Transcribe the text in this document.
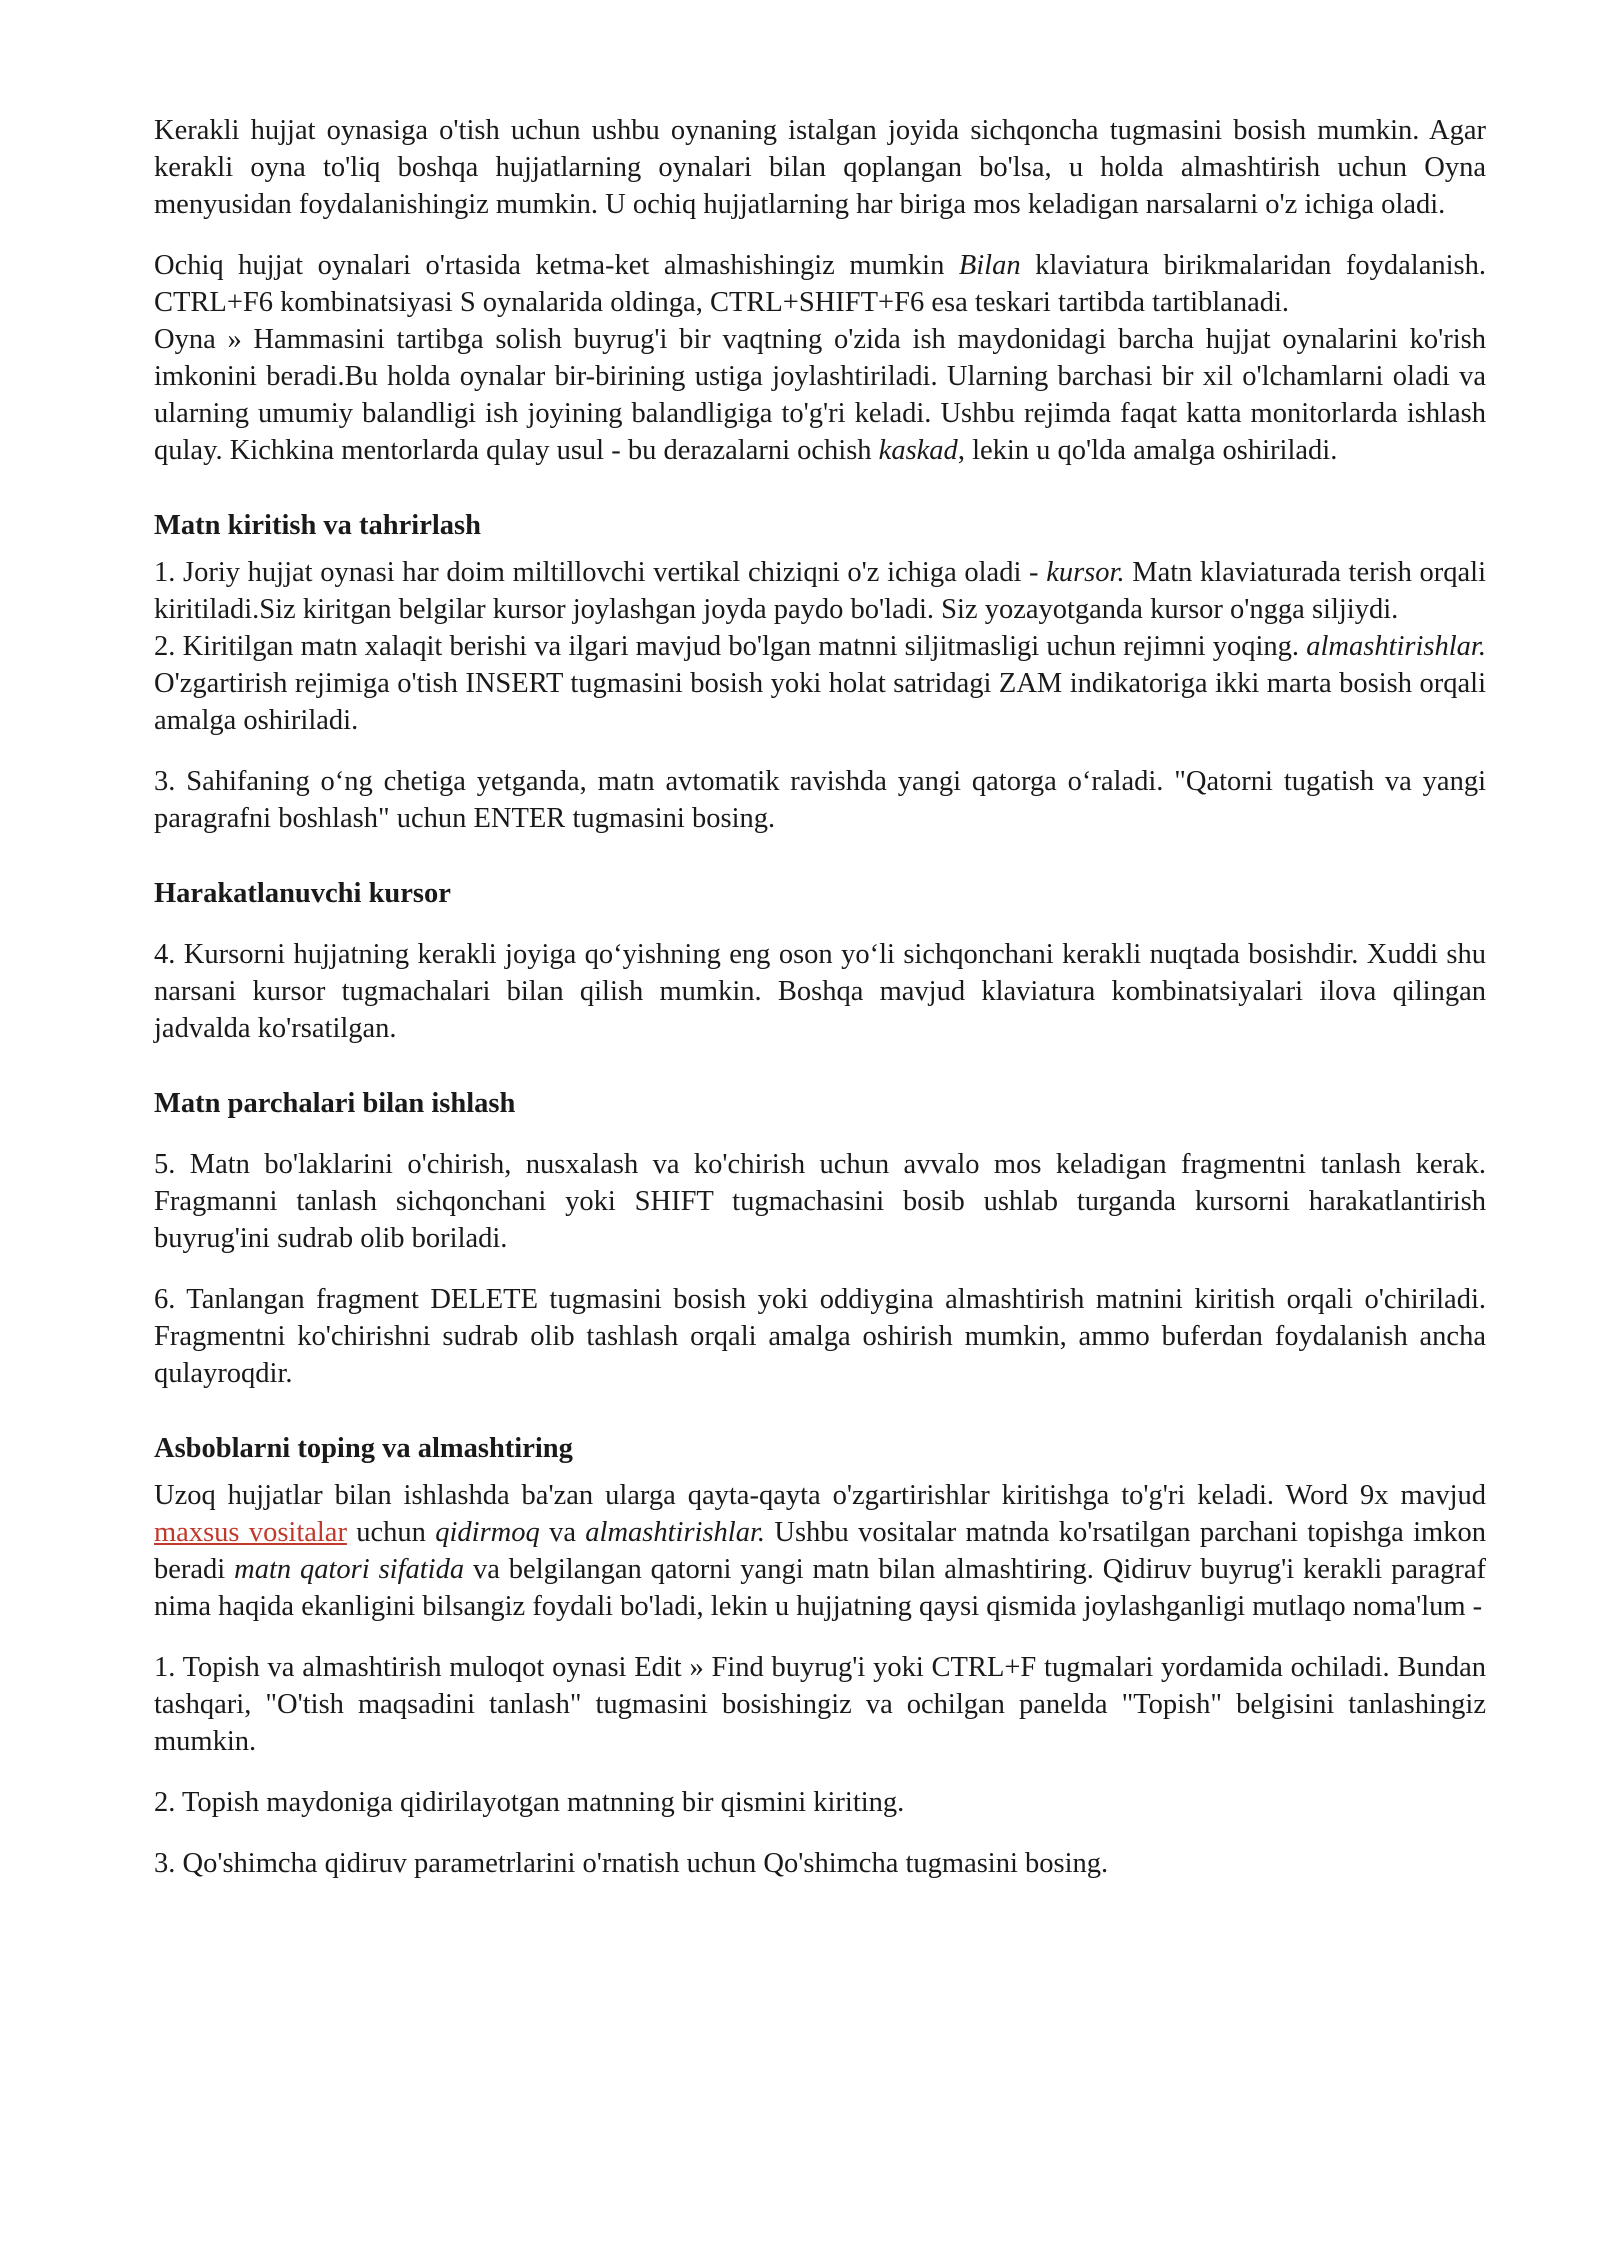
Kerakli hujjat oynasiga o'tish uchun ushbu oynaning istalgan joyida sichqoncha tugmasini bosish mumkin. Agar kerakli oyna to'liq boshqa hujjatlarning oynalari bilan qoplangan bo'lsa, u holda almashtirish uchun Oyna menyusidan foydalanishingiz mumkin. U ochiq hujjatlarning har biriga mos keladigan narsalarni o'z ichiga oladi.

Ochiq hujjat oynalari o'rtasida ketma-ket almashishingiz mumkin Bilan klaviatura birikmalaridan foydalanish. CTRL+F6 kombinatsiyasi S oynalarida oldinga, CTRL+SHIFT+F6 esa teskari tartibda tartiblanadi.

Oyna » Hammasini tartibga solish buyrug'i bir vaqtning o'zida ish maydonidagi barcha hujjat oynalarini ko'rish imkonini beradi.Bu holda oynalar bir-birining ustiga joylashtiriladi. Ularning barchasi bir xil o'lchamlarni oladi va ularning umumiy balandligi ish joyining balandligiga to'g'ri keladi. Ushbu rejimda faqat katta monitorlarda ishlash qulay. Kichkina mentorlarda qulay usul - bu derazalarni ochish kaskad, lekin u qo'lda amalga oshiriladi.

Matn kiritish va tahrirlash

1. Joriy hujjat oynasi har doim miltillovchi vertikal chiziqni o'z ichiga oladi - kursor. Matn klaviaturada terish orqali kiritiladi.Siz kiritgan belgilar kursor joylashgan joyda paydo bo'ladi. Siz yozayotganda kursor o'ngga siljiydi.

2. Kiritilgan matn xalaqit berishi va ilgari mavjud bo'lgan matnni siljitmasligi uchun rejimni yoqing. almashtirishlar. O'zgartirish rejimiga o'tish INSERT tugmasini bosish yoki holat satridagi ZAM indikatoriga ikki marta bosish orqali amalga oshiriladi.

3. Sahifaning oʻng chetiga yetganda, matn avtomatik ravishda yangi qatorga oʻraladi. "Qatorni tugatish va yangi paragrafni boshlash" uchun ENTER tugmasini bosing.

Harakatlanuvchi kursor

4. Kursorni hujjatning kerakli joyiga qoʻyishning eng oson yoʻli sichqonchani kerakli nuqtada bosishdir. Xuddi shu narsani kursor tugmachalari bilan qilish mumkin. Boshqa mavjud klaviatura kombinatsiyalari ilova qilingan jadvalda ko'rsatilgan.

Matn parchalari bilan ishlash

5. Matn bo'laklarini o'chirish, nusxalash va ko'chirish uchun avvalo mos keladigan fragmentni tanlash kerak. Fragmanni tanlash sichqonchani yoki SHIFT tugmachasini bosib ushlab turganda kursorni harakatlantirish buyrug'ini sudrab olib boriladi.

6. Tanlangan fragment DELETE tugmasini bosish yoki oddiygina almashtirish matnini kiritish orqali o'chiriladi. Fragmentni ko'chirishni sudrab olib tashlash orqali amalga oshirish mumkin, ammo buferdan foydalanish ancha qulayroqdir.

Asboblarni toping va almashtiring

Uzoq hujjatlar bilan ishlashda ba'zan ularga qayta-qayta o'zgartirishlar kiritishga to'g'ri keladi. Word 9x mavjud maxsus vositalar uchun qidirmoq va almashtirishlar. Ushbu vositalar matnda ko'rsatilgan parchani topishga imkon beradi matn qatori sifatida va belgilangan qatorni yangi matn bilan almashtiring. Qidiruv buyrug'i kerakli paragraf nima haqida ekanligini bilsangiz foydali bo'ladi, lekin u hujjatning qaysi qismida joylashganligi mutlaqo noma'lum -

1. Topish va almashtirish muloqot oynasi Edit » Find buyrug'i yoki CTRL+F tugmalari yordamida ochiladi. Bundan tashqari, "O'tish maqsadini tanlash" tugmasini bosishingiz va ochilgan panelda "Topish" belgisini tanlashingiz mumkin.

2. Topish maydoniga qidirilayotgan matnning bir qismini kiriting.

3. Qo'shimcha qidiruv parametrlarini o'rnatish uchun Qo'shimcha tugmasini bosing.
